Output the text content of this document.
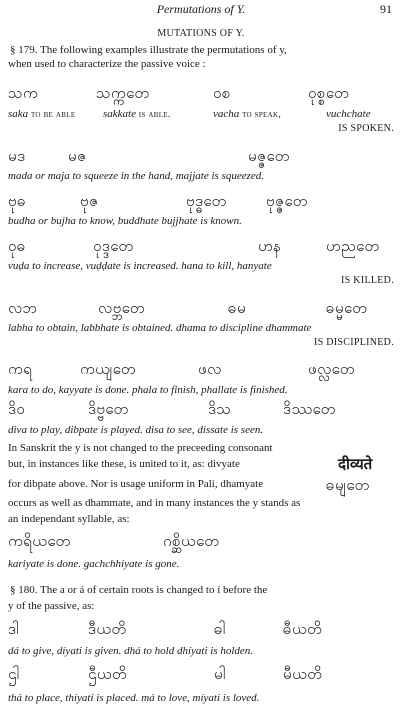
Permutations of Y.	91
MUTATIONS OF Y.
§ 179. The following examples illustrate the permutations of y,
when used to characterize the passive voice :
သက	သက္ကတေ	ဝစ	ဝုစ္စတေ
saka to be able	sakkate is able.	vacha to speak,	vuchchate
IS SPOKEN.
မဒ	မဇ	မဇ္ဇတေ
mada or maja to squeeze in the hand, majjate is squeezed.
ဗုဓ	ဗုဇ	ဗုဒ္ဓတေ	ဗုဇ္ဇတေ
budha or bujha to know, buddhate bujjhate is known.
ဝုဓ	ဝုဒ္ဒတေ	ဟန	ဟညတေ
vuḍa to increase, vuḍḍate is increased. hana to kill, hanyate
IS KILLED.
လဘ	လဗ္ဘတေ	ဓမ	ဓမ္မတေ
labha to obtain, labbhate is obtained. dhama to discipline dhammate
IS DISCIPLINED.
ကရ	ကယျတေ	ဖလ	ဖလ္လတေ
kara to do, kayyate is done. phala to finish, phallate is finished.
ဒိဝ	ဒိဗ္ဗတေ	ဒိသ	ဒိဿတေ
diva to play, dibpate is played. disa to see, dissate is seen.
In Sanskrit the y is not changed to the preceeding consonant
but, in instances like these, is united to it, as: divyate	दीव्यते
for dibpate above. Nor is usage uniform in Pali, dhamyate	ဓမျတေ
occurs as well as dhammate, and in many instances the y stands as
an independant syllable, as:
ကရိယတေ	ဂစ္ဆိယတေ
kariyate is done. gachchhiyate is gone.
§ 180. The a or á of certain roots is changed to í before the
y of the passive, as:
ဒါ	ဒီယတိ	ဓါ	ဓီယတိ
dá to give, díyati is given. dhá to hold dhíyati is holden.
ဌါ	ဌီယတိ	မါ	မီယတိ
thá to place, thíyati is placed. má to love, míyati is loved.
